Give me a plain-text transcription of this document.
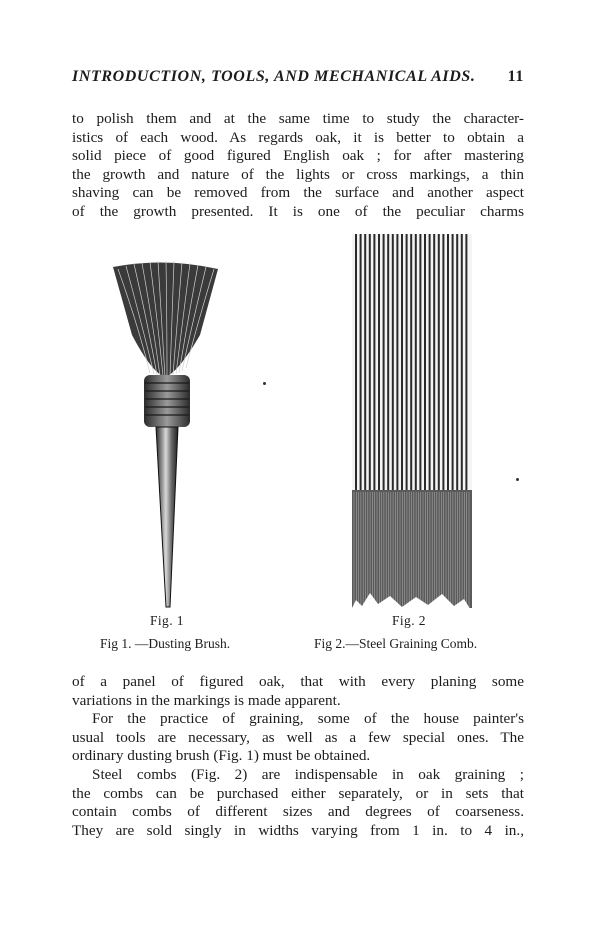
INTRODUCTION, TOOLS, AND MECHANICAL AIDS. 11
to polish them and at the same time to study the character-
istics of each wood. As regards oak, it is better to obtain a
solid piece of good figured English oak ; for after mastering
the growth and nature of the lights or cross markings, a thin
shaving can be removed from the surface and another aspect
of the growth presented. It is one of the peculiar charms
Fig. 1	Fig. 2
Fig 1. —Dusting Brush.	Fig 2.—Steel Graining Comb.
of a panel of figured oak, that with every planing some
variations in the markings is made apparent.
For the practice of graining, some of the house painter's
usual tools are necessary, as well as a few special ones. The
ordinary dusting brush (Fig. 1) must be obtained.
Steel combs (Fig. 2) are indispensable in oak graining ;
the combs can be purchased either separately, or in sets that
contain combs of different sizes and degrees of coarseness.
They are sold singly in widths varying from 1 in. to 4 in.,
